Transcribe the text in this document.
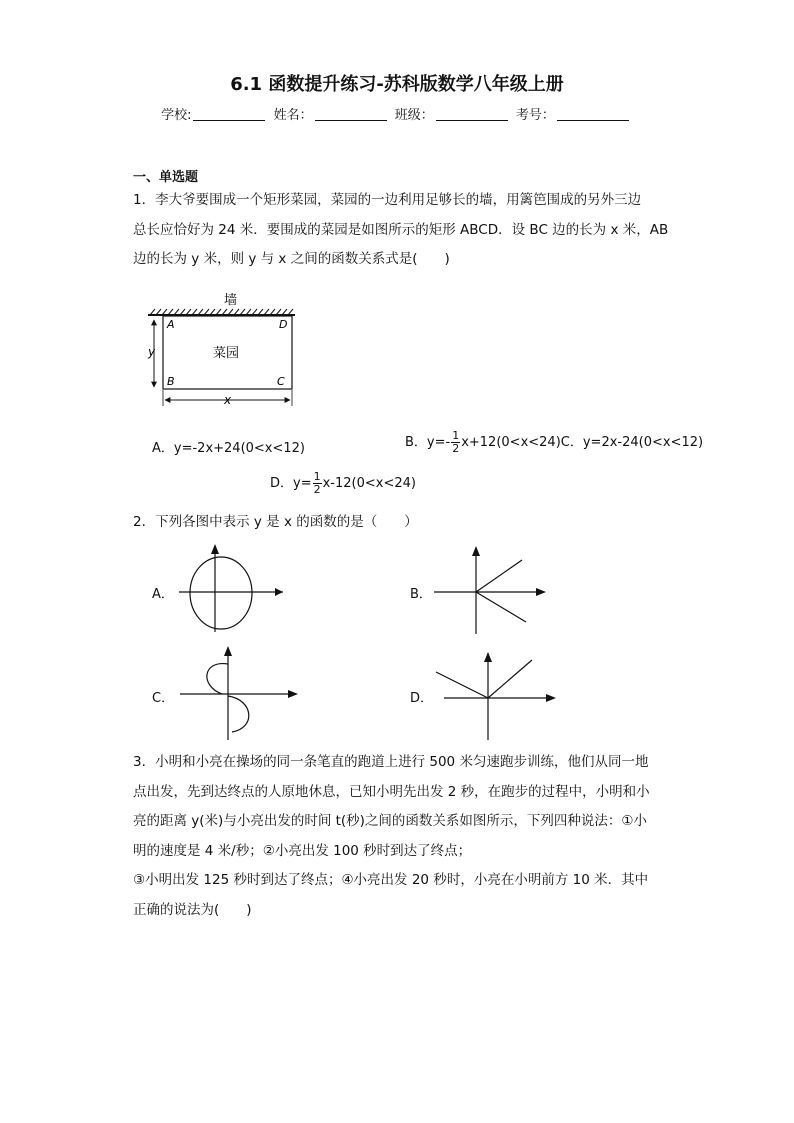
6.1 函数提升练习-苏科版数学八年级上册
学校:	姓名：	班级：	考号：
一、单选题
1．李大爷要围成一个矩形菜园，菜园的一边利用足够长的墙，用篱笆围成的另外三边
总长应恰好为 24 米．要围成的菜园是如图所示的矩形 ABCD．设 BC 边的长为 x 米，AB
边的长为 y 米，则 y 与 x 之间的函数关系式是(　　)
墙
A	D
B	C
菜园
y
x
A．y=-2x+24(0<x<12)	B．$y=- \frac{1}{2} x+12(0<x<24)C$．y=2x-24(0<x<12)
D．$y= \frac{1}{2} x-12(0<x<24)$
2．下列各图中表示 y 是 x 的函数的是（　　）
A．	B．
C．	D．
3．小明和小亮在操场的同一条笔直的跑道上进行 500 米匀速跑步训练，他们从同一地
点出发，先到达终点的人原地休息，已知小明先出发 2 秒，在跑步的过程中，小明和小
亮的距离 y(米)与小亮出发的时间 t(秒)之间的函数关系如图所示，下列四种说法：①小
明的速度是 4 米/秒；②小亮出发 100 秒时到达了终点；
③小明出发 125 秒时到达了终点；④小亮出发 20 秒时，小亮在小明前方 10 米．其中
正确的说法为(　　)
